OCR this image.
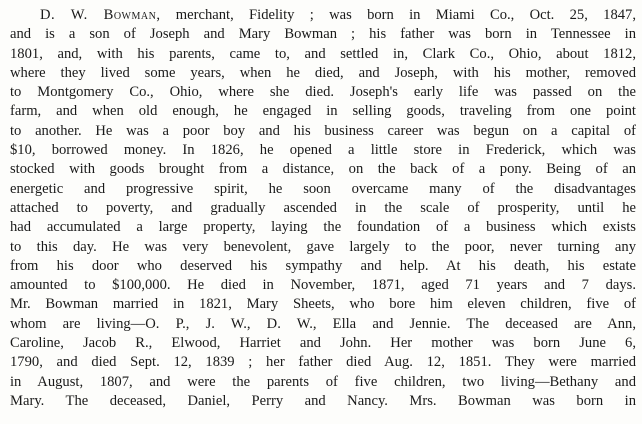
D. W. Bowman, merchant, Fidelity ; was born in Miami Co., Oct. 25, 1847,
and is a son of Joseph and Mary Bowman ; his father was born in Tennessee in
1801, and, with his parents, came to, and settled in, Clark Co., Ohio, about 1812,
where they lived some years, when he died, and Joseph, with his mother, removed
to Montgomery Co., Ohio, where she died. Joseph's early life was passed on the
farm, and when old enough, he engaged in selling goods, traveling from one point
to another. He was a poor boy and his business career was begun on a capital of
$10, borrowed money. In 1826, he opened a little store in Frederick, which was
stocked with goods brought from a distance, on the back of a pony. Being of an
energetic and progressive spirit, he soon overcame many of the disadvantages
attached to poverty, and gradually ascended in the scale of prosperity, until he
had accumulated a large property, laying the foundation of a business which exists
to this day. He was very benevolent, gave largely to the poor, never turning any
from his door who deserved his sympathy and help. At his death, his estate
amounted to $100,000. He died in November, 1871, aged 71 years and 7 days.
Mr. Bowman married in 1821, Mary Sheets, who bore him eleven children, five of
whom are living—O. P., J. W., D. W., Ella and Jennie. The deceased are Ann,
Caroline, Jacob R., Elwood, Harriet and John. Her mother was born June 6,
1790, and died Sept. 12, 1839 ; her father died Aug. 12, 1851. They were married
in August, 1807, and were the parents of five children, two living—Bethany and
Mary. The deceased, Daniel, Perry and Nancy. Mrs. Bowman was born in
